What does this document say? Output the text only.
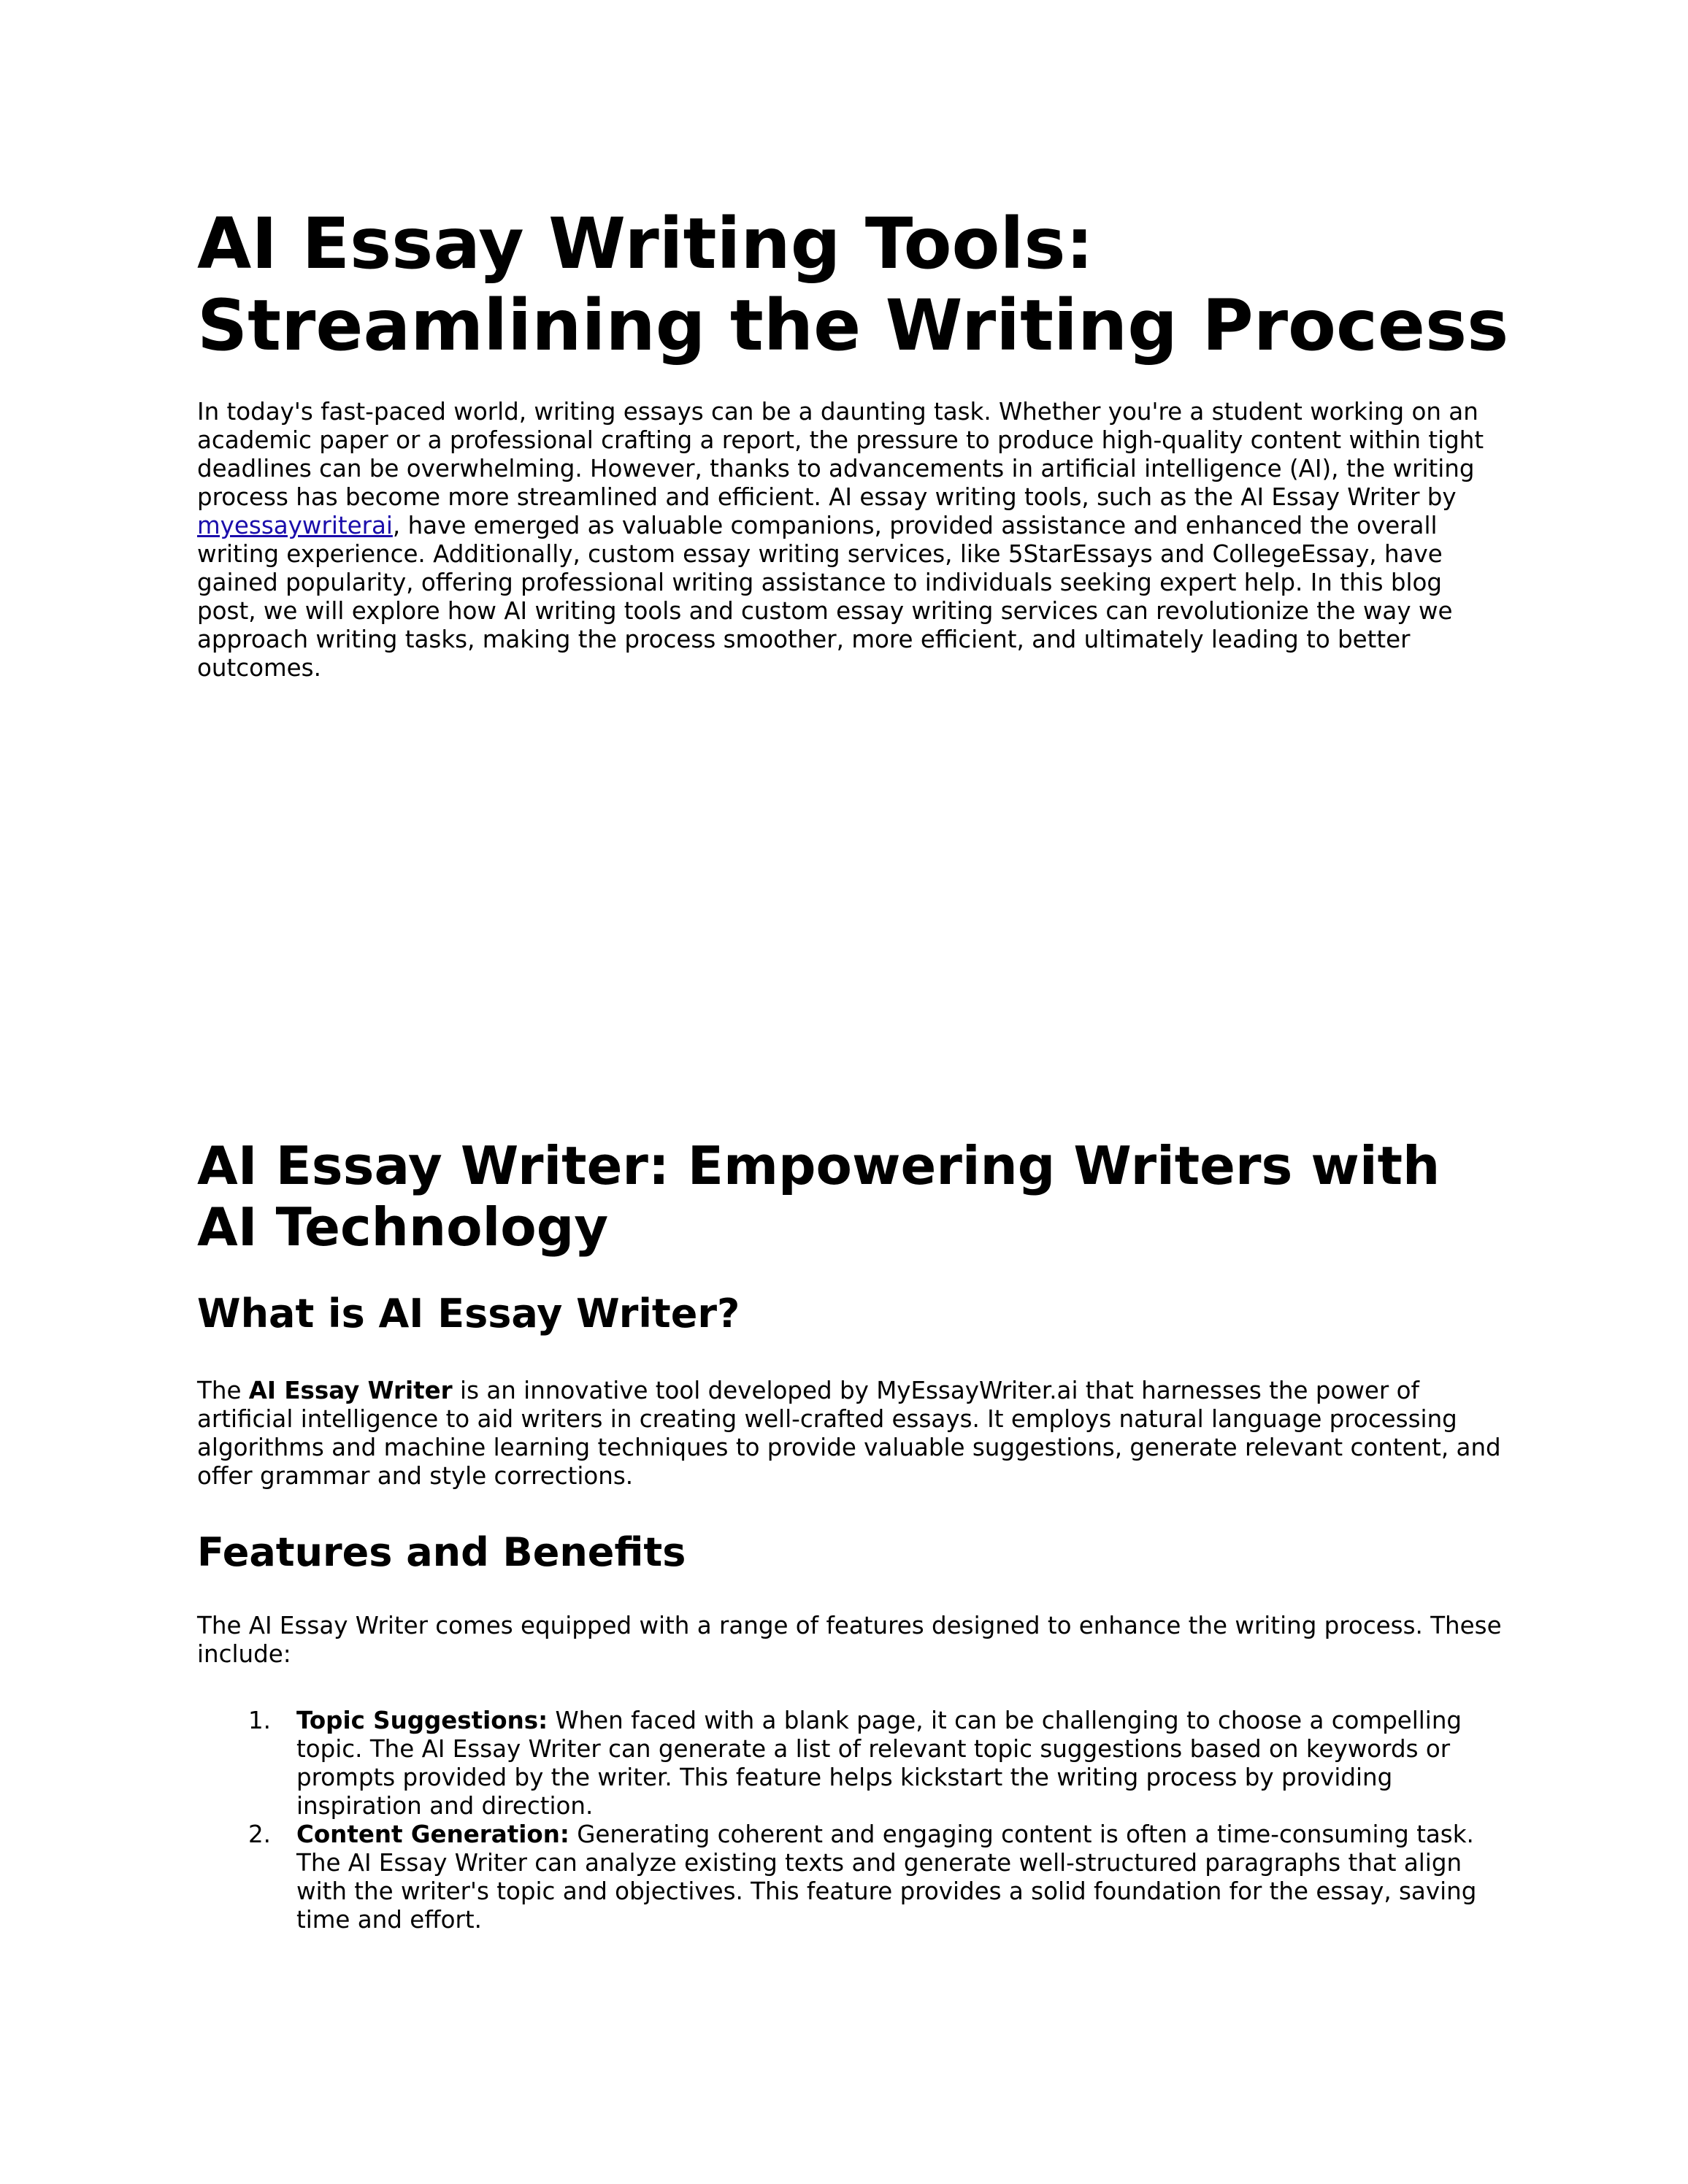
AI Essay Writing Tools:
Streamlining the Writing Process

In today's fast-paced world, writing essays can be a daunting task. Whether you're a student working on an academic paper or a professional crafting a report, the pressure to produce high-quality content within tight deadlines can be overwhelming. However, thanks to advancements in artificial intelligence (AI), the writing process has become more streamlined and efficient. AI essay writing tools, such as the AI Essay Writer by myessaywriterai, have emerged as valuable companions, provided assistance and enhanced the overall writing experience. Additionally, custom essay writing services, like 5StarEssays and CollegeEssay, have gained popularity, offering professional writing assistance to individuals seeking expert help. In this blog post, we will explore how AI writing tools and custom essay writing services can revolutionize the way we approach writing tasks, making the process smoother, more efficient, and ultimately leading to better outcomes.

AI Essay Writer: Empowering Writers with AI Technology
What is AI Essay Writer?

The AI Essay Writer is an innovative tool developed by MyEssayWriter.ai that harnesses the power of artificial intelligence to aid writers in creating well-crafted essays. It employs natural language processing algorithms and machine learning techniques to provide valuable suggestions, generate relevant content, and offer grammar and style corrections.

Features and Benefits

The AI Essay Writer comes equipped with a range of features designed to enhance the writing process. These include:

1. Topic Suggestions: When faced with a blank page, it can be challenging to choose a compelling topic. The AI Essay Writer can generate a list of relevant topic suggestions based on keywords or prompts provided by the writer. This feature helps kickstart the writing process by providing inspiration and direction.
2. Content Generation: Generating coherent and engaging content is often a time-consuming task. The AI Essay Writer can analyze existing texts and generate well-structured paragraphs that align with the writer's topic and objectives. This feature provides a solid foundation for the essay, saving time and effort.
